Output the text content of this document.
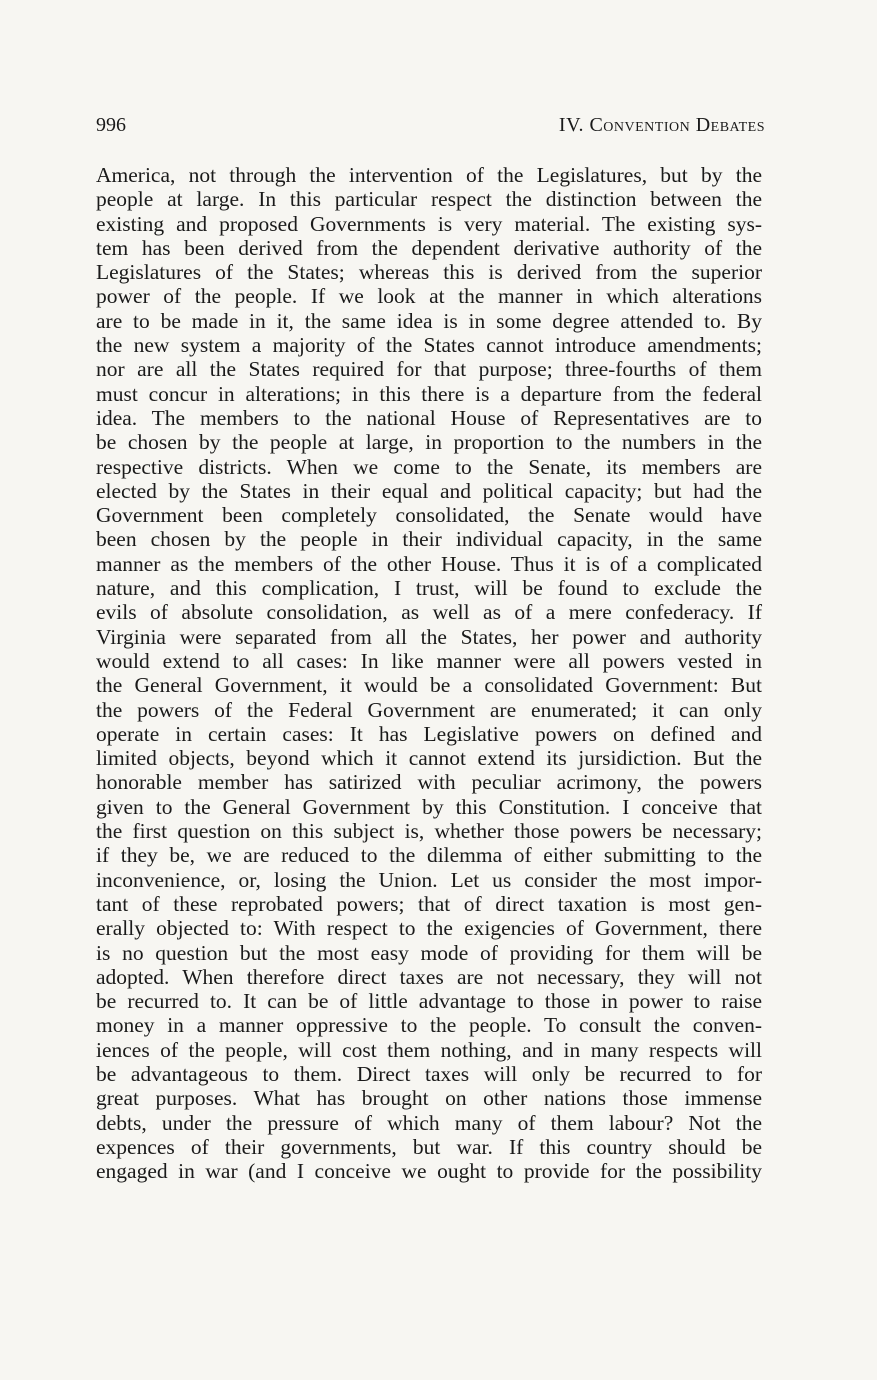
996	IV. Convention Debates
America, not through the intervention of the Legislatures, but by the
people at large. In this particular respect the distinction between the
existing and proposed Governments is very material. The existing sys-
tem has been derived from the dependent derivative authority of the
Legislatures of the States; whereas this is derived from the superior
power of the people. If we look at the manner in which alterations
are to be made in it, the same idea is in some degree attended to. By
the new system a majority of the States cannot introduce amendments;
nor are all the States required for that purpose; three-fourths of them
must concur in alterations; in this there is a departure from the federal
idea. The members to the national House of Representatives are to
be chosen by the people at large, in proportion to the numbers in the
respective districts. When we come to the Senate, its members are
elected by the States in their equal and political capacity; but had the
Government been completely consolidated, the Senate would have
been chosen by the people in their individual capacity, in the same
manner as the members of the other House. Thus it is of a complicated
nature, and this complication, I trust, will be found to exclude the
evils of absolute consolidation, as well as of a mere confederacy. If
Virginia were separated from all the States, her power and authority
would extend to all cases: In like manner were all powers vested in
the General Government, it would be a consolidated Government: But
the powers of the Federal Government are enumerated; it can only
operate in certain cases: It has Legislative powers on defined and
limited objects, beyond which it cannot extend its jursidiction. But the
honorable member has satirized with peculiar acrimony, the powers
given to the General Government by this Constitution. I conceive that
the first question on this subject is, whether those powers be necessary;
if they be, we are reduced to the dilemma of either submitting to the
inconvenience, or, losing the Union. Let us consider the most impor-
tant of these reprobated powers; that of direct taxation is most gen-
erally objected to: With respect to the exigencies of Government, there
is no question but the most easy mode of providing for them will be
adopted. When therefore direct taxes are not necessary, they will not
be recurred to. It can be of little advantage to those in power to raise
money in a manner oppressive to the people. To consult the conven-
iences of the people, will cost them nothing, and in many respects will
be advantageous to them. Direct taxes will only be recurred to for
great purposes. What has brought on other nations those immense
debts, under the pressure of which many of them labour? Not the
expences of their governments, but war. If this country should be
engaged in war (and I conceive we ought to provide for the possibility
